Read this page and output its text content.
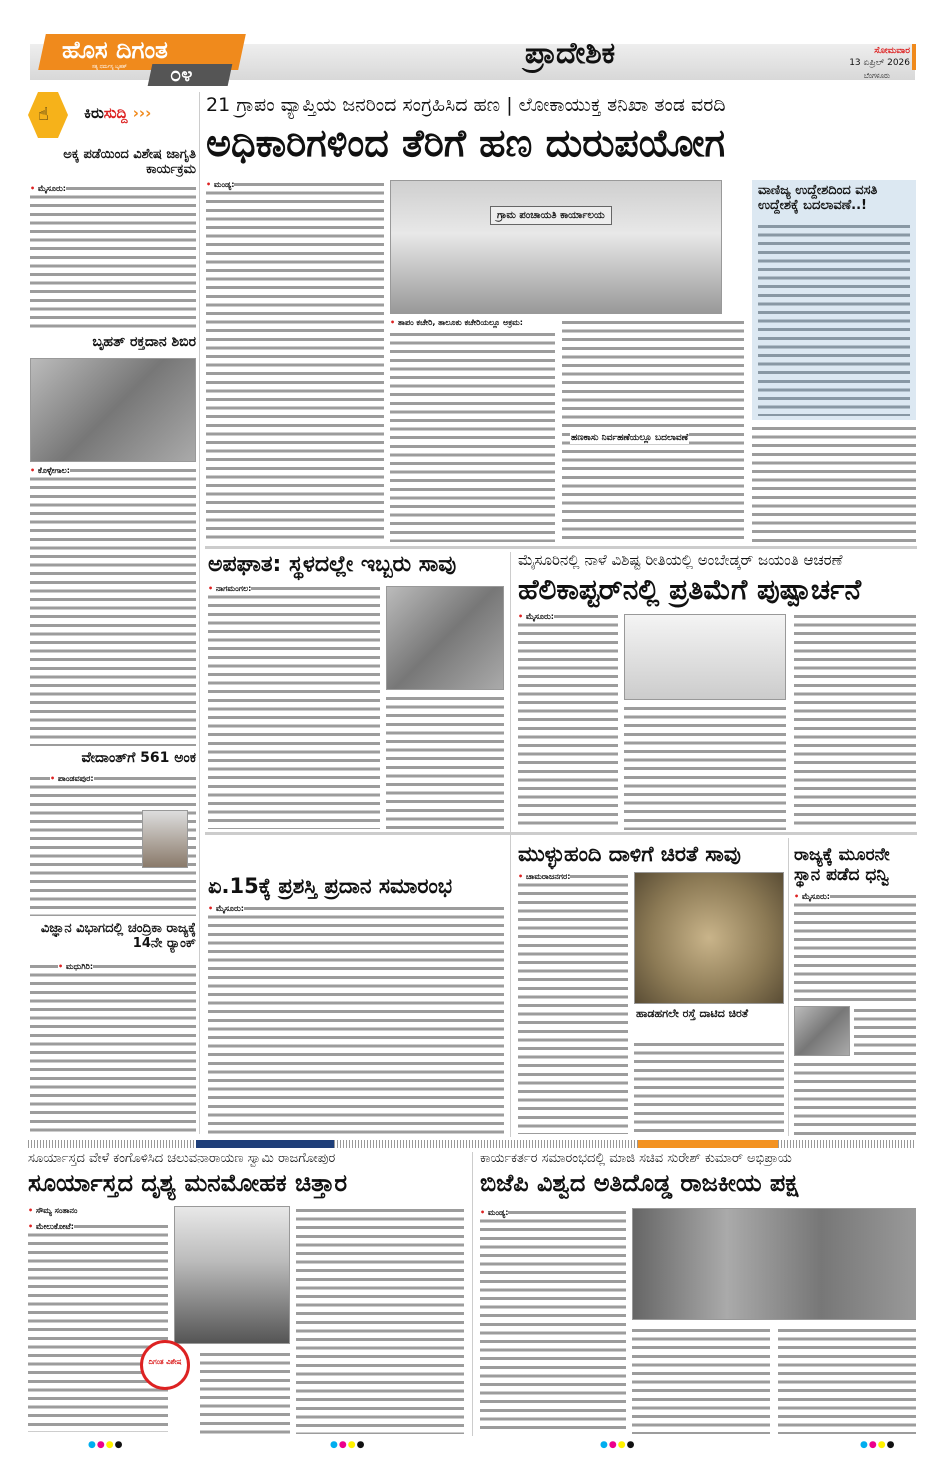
ಹೊಸ ದಿಗಂತ
ಸತ್ಯ ಧರ್ಮಸ್ಯ ಬೃಹತ್ ೦೪
ಪ್ರಾದೇಶಿಕ	ಸೋಮವಾರ
13 ಏಪ್ರಿಲ್ 2026
ಬೆಂಗಳೂರು
☝ ಕಿರುಸುದ್ದಿ ›››
ಅಕ್ಕ ಪಡೆಯಿಂದ ವಿಶೇಷ ಜಾಗೃತಿ ಕಾರ್ಯಕ್ರಮ
• ಮೈಸೂರು:
ಬೃಹತ್ ರಕ್ತದಾನ ಶಿಬಿರ
• ಕೊಳ್ಳೇಗಾಲ:
ವೇದಾಂತ್‌ಗೆ 561 ಅಂಕ
• ಪಾಂಡವಪುರ:
ವಿಜ್ಞಾನ ವಿಭಾಗದಲ್ಲಿ ಚಂದ್ರಿಕಾ ರಾಜ್ಯಕ್ಕೆ 14ನೇ ರ್‍ಯಾಂಕ್
• ಮಧುಗಿರಿ:
21 ಗ್ರಾಪಂ ವ್ಯಾಪ್ತಿಯ ಜನರಿಂದ ಸಂಗ್ರಹಿಸಿದ ಹಣ | ಲೋಕಾಯುಕ್ತ ತನಿಖಾ ತಂಡ ವರದಿ
ಅಧಿಕಾರಿಗಳಿಂದ ತೆರಿಗೆ ಹಣ ದುರುಪಯೋಗ
• ಮಂಡ್ಯ:
ಗ್ರಾಮ ಪಂಚಾಯತಿ ಕಾರ್ಯಾಲಯ
• ತಾಪಂ ಕಚೇರಿ, ತಾಲೂಕು ಕಚೇರಿಯಲ್ಲೂ ಅಕ್ರಮ:
ಹಣಕಾಸು ನಿರ್ವಹಣೆಯಲ್ಲೂ ಬದಲಾವಣೆ
ವಾಣಿಜ್ಯ ಉದ್ದೇಶದಿಂದ ವಸತಿ ಉದ್ದೇಶಕ್ಕೆ ಬದಲಾವಣೆ..!
ಅಪಘಾತ: ಸ್ಥಳದಲ್ಲೇ ಇಬ್ಬರು ಸಾವು
• ನಾಗಮಂಗಲ:
ಮೈಸೂರಿನಲ್ಲಿ ನಾಳೆ ವಿಶಿಷ್ಟ ರೀತಿಯಲ್ಲಿ ಅಂಬೇಡ್ಕರ್ ಜಯಂತಿ ಆಚರಣೆ
ಹೆಲಿಕಾಪ್ಟರ್‌ನಲ್ಲಿ ಪ್ರತಿಮೆಗೆ ಪುಷ್ಪಾರ್ಚನೆ
• ಮೈಸೂರು:
ಏ.15ಕ್ಕೆ ಪ್ರಶಸ್ತಿ ಪ್ರದಾನ ಸಮಾರಂಭ
• ಮೈಸೂರು:
ಮುಳ್ಳುಹಂದಿ ದಾಳಿಗೆ ಚಿರತೆ ಸಾವು
• ಚಾಮರಾಜನಗರ:
ಹಾಡಹಗಲೇ ರಸ್ತೆ ದಾಟಿದ ಚಿರತೆ
ರಾಜ್ಯಕ್ಕೆ ಮೂರನೇ ಸ್ಥಾನ ಪಡೆದ ಧನ್ವಿ
• ಮೈಸೂರು:
ಸೂರ್ಯಾಸ್ತದ ವೇಳೆ ಕಂಗೊಳಿಸಿದ ಚಲುವನಾರಾಯಣ ಸ್ವಾಮಿ ರಾಜಗೋಪುರ
ಸೂರ್ಯಾಸ್ತದ ದೃಶ್ಯ ಮನಮೋಹಕ ಚಿತ್ತಾರ
• ಸೌಮ್ಯ ಸಂತಾನಂ
• ಮೇಲುಕೋಟೆ:
ದಿಗಂತ ವಿಶೇಷ
ಕಾರ್ಯಕರ್ತರ ಸಮಾರಂಭದಲ್ಲಿ ಮಾಜಿ ಸಚಿವ ಸುರೇಶ್ ಕುಮಾರ್ ಅಭಿಪ್ರಾಯ
ಬಿಜೆಪಿ ವಿಶ್ವದ ಅತಿದೊಡ್ಡ ರಾಜಕೀಯ ಪಕ್ಷ
• ಮಂಡ್ಯ:
●●●●	●●●●	●●●●	●●●●
